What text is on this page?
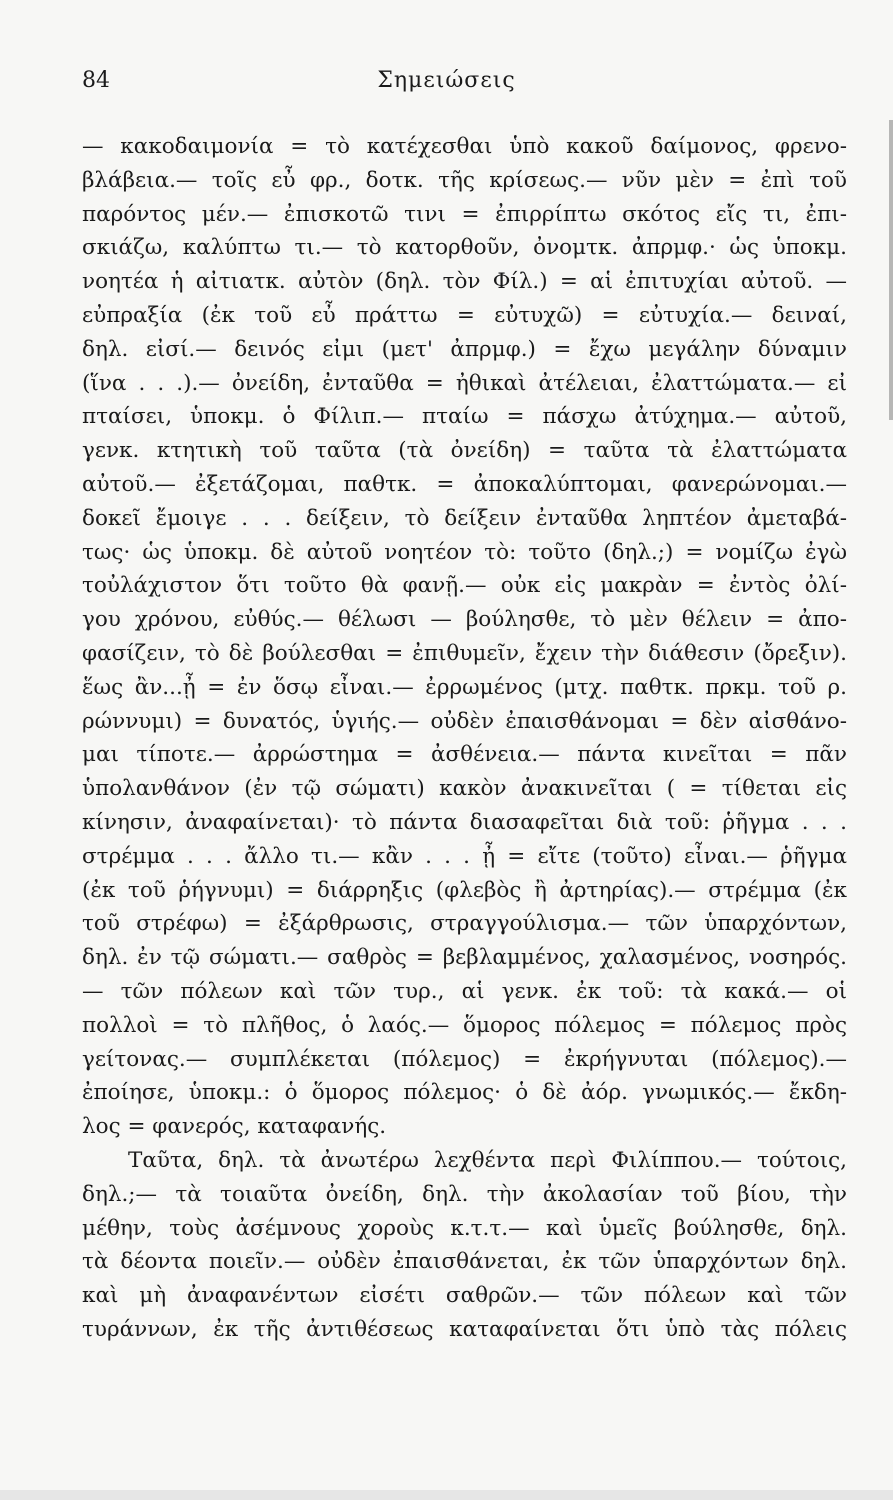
84	Σημειώσεις
— κακοδαιμονία = τὸ κατέχεσθαι ὑπὸ κακοῦ δαίμονος, φρενο-
βλάβεια.— τοῖς εὖ φρ., δοτκ. τῆς κρίσεως.— νῦν μὲν = ἐπὶ τοῦ
παρόντος μέν.— ἐπισκοτῶ τινι = ἐπιρρίπτω σκότος εἴς τι, ἐπι-
σκιάζω, καλύπτω τι.— τὸ κατορθοῦν, ὀνομτκ. ἀπρμφ.· ὡς ὑποκμ.
νοητέα ἡ αἰτιατκ. αὐτὸν (δηλ. τὸν Φίλ.) = αἱ ἐπιτυχίαι αὐτοῦ. —
εὐπραξία (ἐκ τοῦ εὖ πράττω = εὐτυχῶ) = εὐτυχία.— δειναί,
δηλ. εἰσί.— δεινός εἰμι (μετ' ἀπρμφ.) = ἔχω μεγάλην δύναμιν
(ἵνα . . .).— ὀνείδη, ἐνταῦθα = ἠθικαὶ ἀτέλειαι, ἐλαττώματα.— εἰ
πταίσει, ὑποκμ. ὁ Φίλιπ.— πταίω = πάσχω ἀτύχημα.— αὐτοῦ,
γενκ. κτητικὴ τοῦ ταῦτα (τὰ ὀνείδη) = ταῦτα τὰ ἐλαττώματα
αὐτοῦ.— ἐξετάζομαι, παθτκ. = ἀποκαλύπτομαι, φανερώνομαι.—
δοκεῖ ἔμοιγε . . . δείξειν, τὸ δείξειν ἐνταῦθα ληπτέον ἀμεταβά-
τως· ὡς ὑποκμ. δὲ αὐτοῦ νοητέον τὸ: τοῦτο (δηλ.;) = νομίζω ἐγὼ
τοὐλάχιστον ὅτι τοῦτο θὰ φανῇ.— οὐκ εἰς μακρὰν = ἐντὸς ὀλί-
γου χρόνου, εὐθύς.— θέλωσι — βούλησθε, τὸ μὲν θέλειν = ἀπο-
φασίζειν, τὸ δὲ βούλεσθαι = ἐπιθυμεῖν, ἔχειν τὴν διάθεσιν (ὄρεξιν).
ἕως ἂν...ᾖ = ἐν ὅσῳ εἶναι.— ἐρρωμένος (μτχ. παθτκ. πρκμ. τοῦ ρ.
ρώννυμι) = δυνατός, ὑγιής.— οὐδὲν ἐπαισθάνομαι = δὲν αἰσθάνο-
μαι τίποτε.— ἀρρώστημα = ἀσθένεια.— πάντα κινεῖται = πᾶν
ὑπολανθάνον (ἐν τῷ σώματι) κακὸν ἀνακινεῖται ( = τίθεται εἰς
κίνησιν, ἀναφαίνεται)· τὸ πάντα διασαφεῖται διὰ τοῦ: ῥῆγμα . . .
στρέμμα . . . ἄλλο τι.— κἂν . . . ᾖ = εἴτε (τοῦτο) εἶναι.— ῥῆγμα
(ἐκ τοῦ ῥήγνυμι) = διάρρηξις (φλεβὸς ἢ ἀρτηρίας).— στρέμμα (ἐκ
τοῦ στρέφω) = ἐξάρθρωσις, στραγγούλισμα.— τῶν ὑπαρχόντων,
δηλ. ἐν τῷ σώματι.— σαθρὸς = βεβλαμμένος, χαλασμένος, νοσηρός.
— τῶν πόλεων καὶ τῶν τυρ., αἱ γενκ. ἐκ τοῦ: τὰ κακά.— οἱ
πολλοὶ = τὸ πλῆθος, ὁ λαός.— ὅμορος πόλεμος = πόλεμος πρὸς
γείτονας.— συμπλέκεται (πόλεμος) = ἐκρήγνυται (πόλεμος).—
ἐποίησε, ὑποκμ.: ὁ ὅμορος πόλεμος· ὁ δὲ ἀόρ. γνωμικός.— ἔκδη-
λος = φανερός, καταφανής.
Ταῦτα, δηλ. τὰ ἀνωτέρω λεχθέντα περὶ Φιλίππου.— τούτοις,
δηλ.;— τὰ τοιαῦτα ὀνείδη, δηλ. τὴν ἀκολασίαν τοῦ βίου, τὴν
μέθην, τοὺς ἀσέμνους χοροὺς κ.τ.τ.— καὶ ὑμεῖς βούλησθε, δηλ.
τὰ δέοντα ποιεῖν.— οὐδὲν ἐπαισθάνεται, ἐκ τῶν ὑπαρχόντων δηλ.
καὶ μὴ ἀναφανέντων εἰσέτι σαθρῶν.— τῶν πόλεων καὶ τῶν
τυράννων, ἐκ τῆς ἀντιθέσεως καταφαίνεται ὅτι ὑπὸ τὰς πόλεις
